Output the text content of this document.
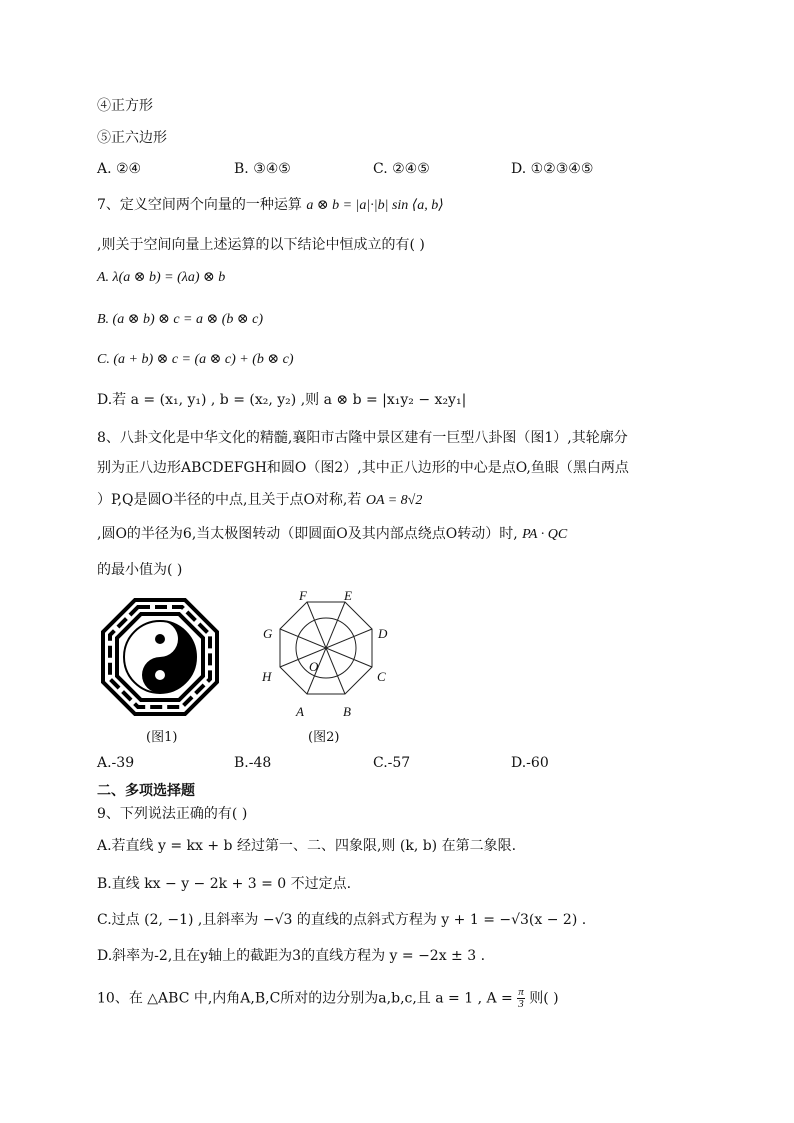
④正方形
⑤正六边形
A. ②④	B. ③④⑤	C. ②④⑤	D. ①②③④⑤
7、定义空间两个向量的一种运算 a ⊗ b = |a|·|b| sin ⟨a, b⟩
,则关于空间向量上述运算的以下结论中恒成立的有( )
A. λ(a ⊗ b) = (λa) ⊗ b
B. (a ⊗ b) ⊗ c = a ⊗ (b ⊗ c)
C. (a + b) ⊗ c = (a ⊗ c) + (b ⊗ c)
D.若 a = (x₁, y₁) , b = (x₂, y₂) ,则 a ⊗ b = |x₁y₂ − x₂y₁|
8、八卦文化是中华文化的精髓,襄阳市古隆中景区建有一巨型八卦图（图1）,其轮廓分
别为正八边形ABCDEFGH和圆O（图2）,其中正八边形的中心是点O,鱼眼（黑白两点
）P,Q是圆O半径的中点,且关于点O对称,若 OA = 8√2
,圆O的半径为6,当太极图转动（即圆面O及其内部点绕点O转动）时, PA · QC
的最小值为( )
(图1)
F	E
G	D
H	C
A	B
O
(图2)
A.-39	B.-48	C.-57	D.-60
二、多项选择题
9、下列说法正确的有( )
A.若直线 y = kx + b 经过第一、二、四象限,则 (k, b) 在第二象限.
B.直线 kx − y − 2k + 3 = 0 不过定点.
C.过点 (2, −1) ,且斜率为 −√3 的直线的点斜式方程为 y + 1 = −√3(x − 2) .
D.斜率为-2,且在y轴上的截距为3的直线方程为 y = −2x ± 3 .
10、在 △ABC 中,内角A,B,C所对的边分别为a,b,c,且 a = 1 , $A = \frac{\pi}{3}$ 则( )
